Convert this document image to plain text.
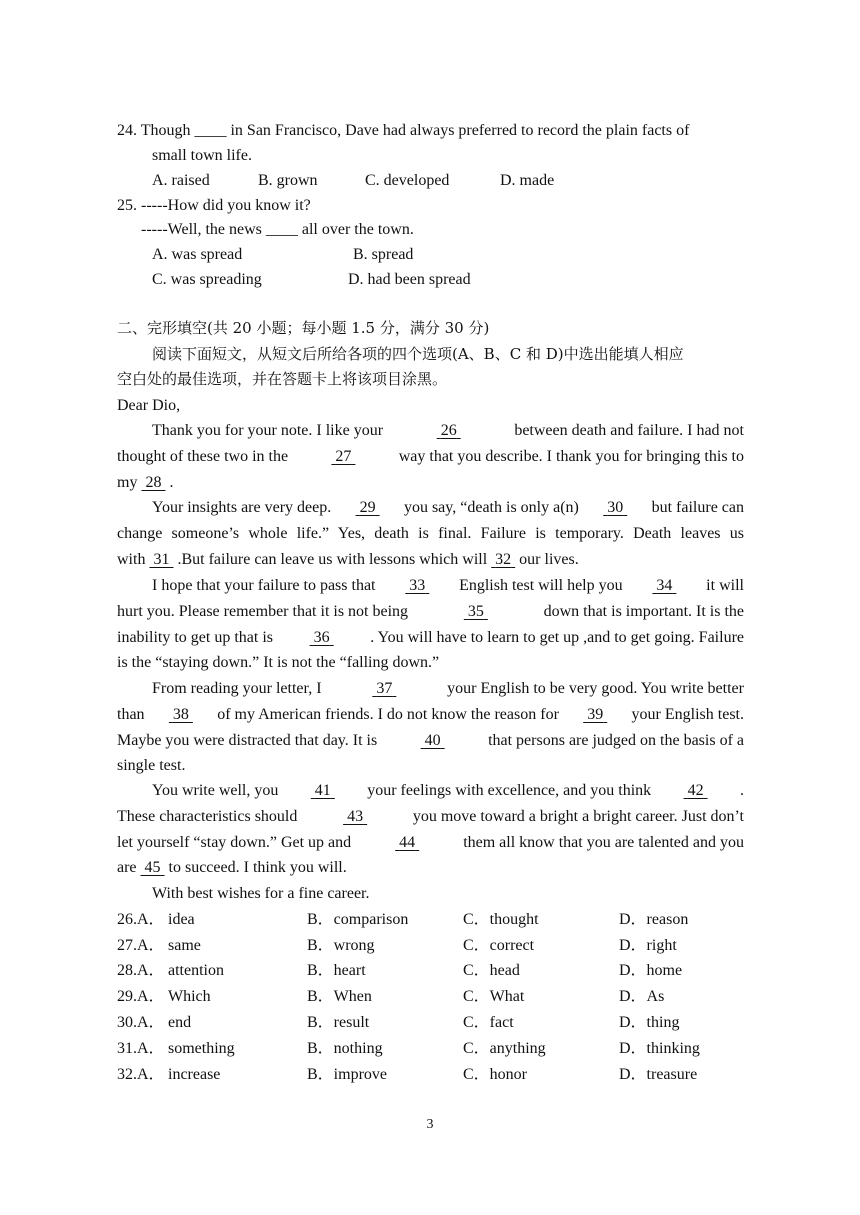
24. Though ____ in San Francisco, Dave had always preferred to record the plain facts of
small town life.
A. raised	B. grown	C. developed	D. made
25. -----How did you know it?
-----Well, the news ____ all over the town.
A. was spread	B. spread
C. was spreading	D. had been spread
二、完形填空(共 20 小题；每小题 1.5 分，满分 30 分)
阅读下面短文，从短文后所给各项的四个选项(A、B、C 和 D)中选出能填人相应
空白处的最佳选项，并在答题卡上将该项目涂黑。
Dear Dio,
Thank you for your note. I like your	26	between death and failure. I had not
thought of these two in the	27	way that you describe. I thank you for bringing this to
my 28 .
Your insights are very deep. 29 you say, “death is only a(n) 30 but failure can
change someone’s whole life.” Yes, death is final. Failure is temporary. Death leaves us
with 31 .But failure can leave us with lessons which will 32 our lives.
I hope that your failure to pass that 33 English test will help you 34 it will
hurt you. Please remember that it is not being	35	down that is important. It is the
inability to get up that is	36	. You will have to learn to get up ,and to get going. Failure
is the “staying down.” It is not the “falling down.”
From reading your letter, I	37	your English to be very good. You write better
than 38 of my American friends. I do not know the reason for 39 your English test.
Maybe you were distracted that day. It is	40	that persons are judged on the basis of a
single test.
You write well, you 41 your feelings with excellence, and you think 42 .
These characteristics should	43	you move toward a bright a bright career. Just don’t
let yourself “stay down.” Get up and	44	them all know that you are talented and you
are 45 to succeed. I think you will.
With best wishes for a fine career.
26.A． idea	B．comparison	C．thought	D．reason
27.A． same	B．wrong	C．correct	D．right
28.A． attention	B．heart	C．head	D．home
29.A． Which	B．When	C．What	D．As
30.A． end	B．result	C．fact	D．thing
31.A． something	B．nothing	C．anything	D．thinking
32.A． increase	B．improve	C．honor	D．treasure
3
